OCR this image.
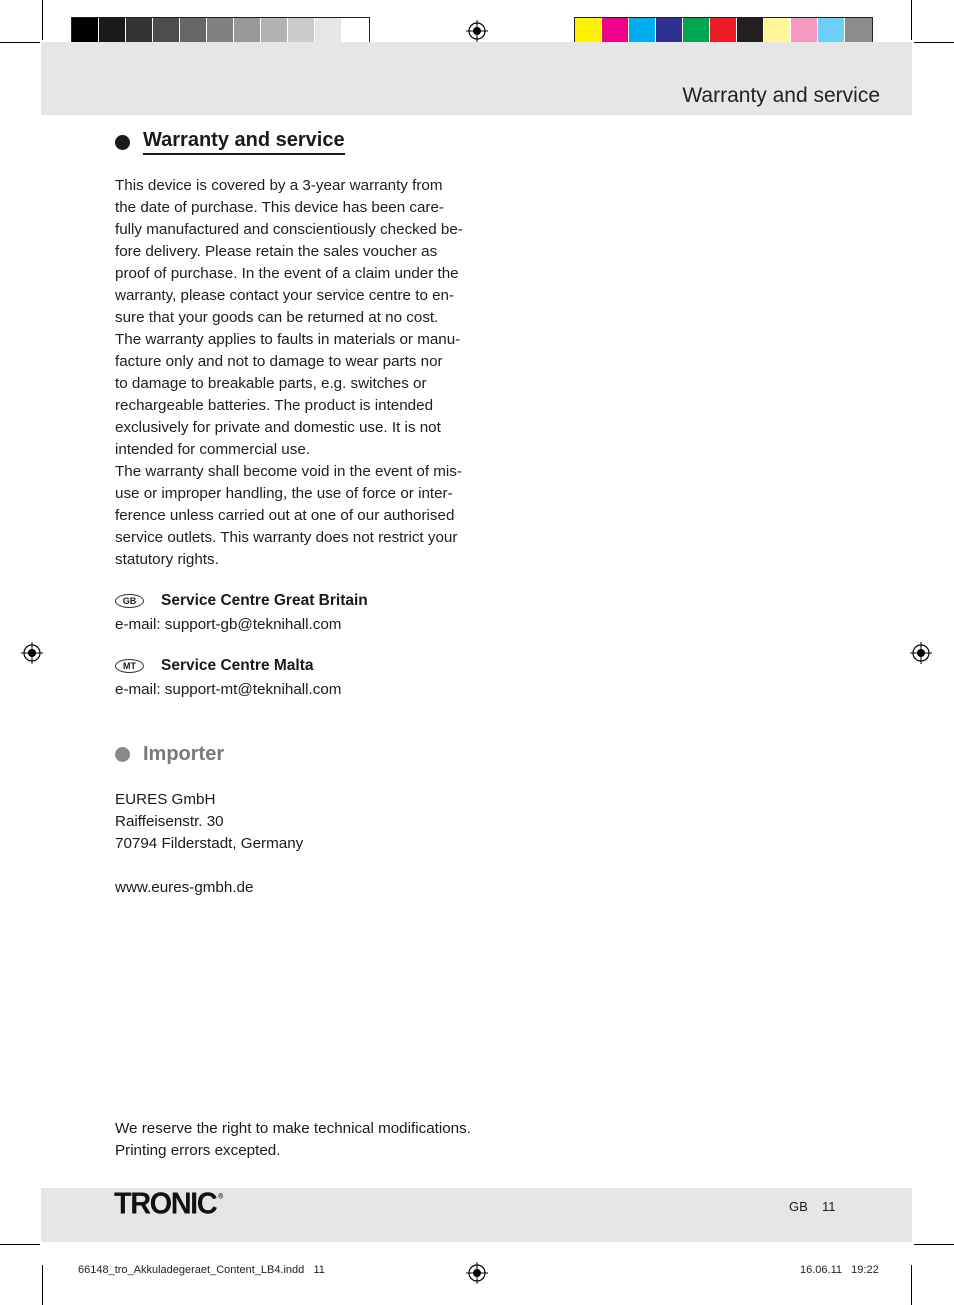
Warranty and service
Warranty and service
This device is covered by a 3-year warranty from
the date of purchase. This device has been care-
fully manufactured and conscientiously checked be-
fore delivery. Please retain the sales voucher as
proof of purchase. In the event of a claim under the
warranty, please contact your service centre to en-
sure that your goods can be returned at no cost.
The warranty applies to faults in materials or manu-
facture only and not to damage to wear parts nor
to damage to breakable parts, e.g. switches or
rechargeable batteries. The product is intended
exclusively for private and domestic use. It is not
intended for commercial use.
The warranty shall become void in the event of mis-
use or improper handling, the use of force or inter-
ference unless carried out at one of our authorised
service outlets. This warranty does not restrict your
statutory rights.
GB	Service Centre Great Britain
e-mail: support-gb@teknihall.com
MT	Service Centre Malta
e-mail: support-mt@teknihall.com
Importer
EURES GmbH
Raiffeisenstr. 30
70794 Filderstadt, Germany
www.eures-gmbh.de
We reserve the right to make technical modifications.
Printing errors excepted.
TRONIC ®
GB 11
66148_tro_Akkuladegeraet_Content_LB4.indd   11	16.06.11   19:22
